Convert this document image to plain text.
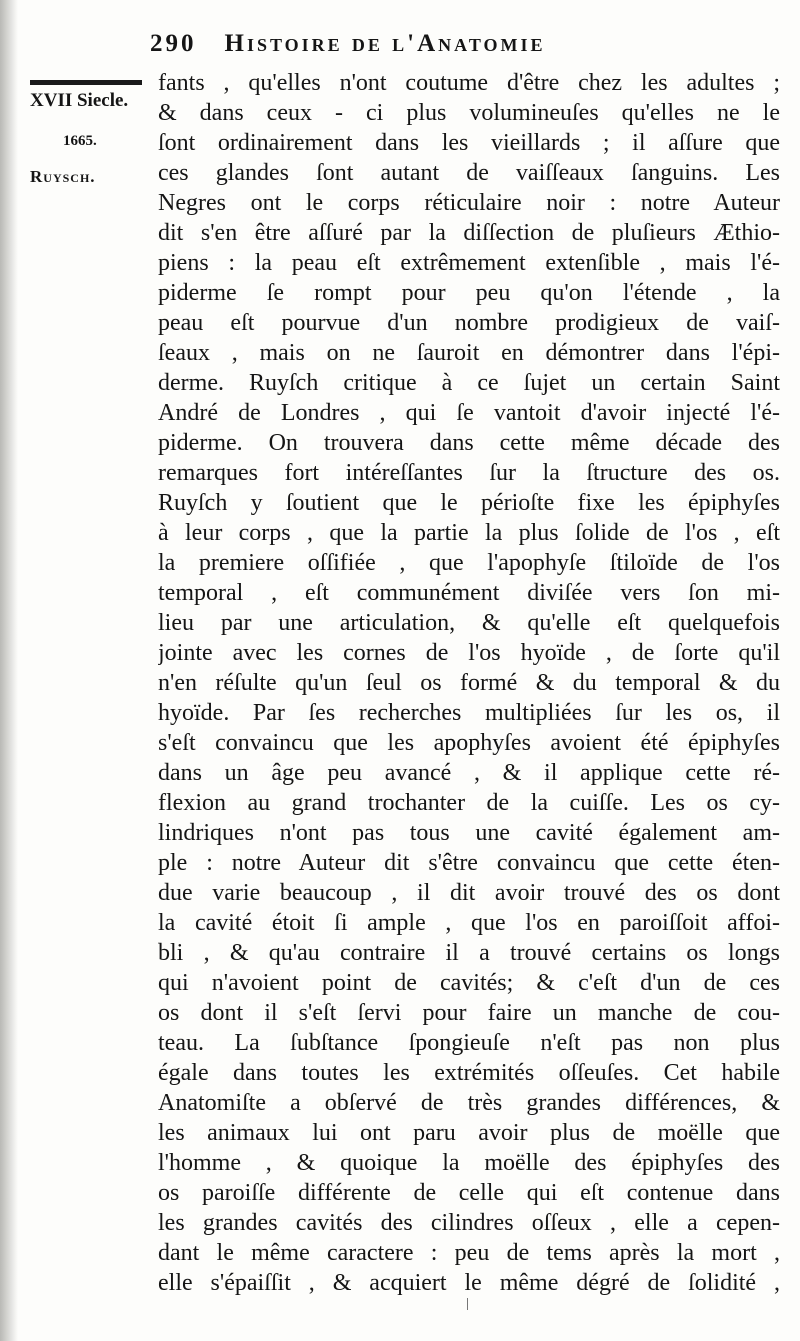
290 Histoire de l'Anatomie
XVII Siecle.
1665.
Ruysch.
fants , qu'elles n'ont coutume d'être chez les adultes ;
& dans ceux - ci plus volumineuſes qu'elles ne le
ſont ordinairement dans les vieillards ; il aſſure que
ces glandes ſont autant de vaiſſeaux ſanguins. Les
Negres ont le corps réticulaire noir : notre Auteur
dit s'en être aſſuré par la diſſection de pluſieurs Æthio-
piens : la peau eſt extrêmement extenſible , mais l'é-
piderme ſe rompt pour peu qu'on l'étende , la
peau eſt pourvue d'un nombre prodigieux de vaiſ-
ſeaux , mais on ne ſauroit en démontrer dans l'épi-
derme. Ruyſch critique à ce ſujet un certain Saint
André de Londres , qui ſe vantoit d'avoir injecté l'é-
piderme. On trouvera dans cette même décade des
remarques fort intéreſſantes ſur la ſtructure des os.
Ruyſch y ſoutient que le périoſte fixe les épiphyſes
à leur corps , que la partie la plus ſolide de l'os , eſt
la premiere oſſifiée , que l'apophyſe ſtiloïde de l'os
temporal , eſt communément diviſée vers ſon mi-
lieu par une articulation, & qu'elle eſt quelquefois
jointe avec les cornes de l'os hyoïde , de ſorte qu'il
n'en réſulte qu'un ſeul os formé & du temporal & du
hyoïde. Par ſes recherches multipliées ſur les os, il
s'eſt convaincu que les apophyſes avoient été épiphyſes
dans un âge peu avancé , & il applique cette ré-
flexion au grand trochanter de la cuiſſe. Les os cy-
lindriques n'ont pas tous une cavité également am-
ple : notre Auteur dit s'être convaincu que cette éten-
due varie beaucoup , il dit avoir trouvé des os dont
la cavité étoit ſi ample , que l'os en paroiſſoit affoi-
bli , & qu'au contraire il a trouvé certains os longs
qui n'avoient point de cavités; & c'eſt d'un de ces
os dont il s'eſt ſervi pour faire un manche de cou-
teau. La ſubſtance ſpongieuſe n'eſt pas non plus
égale dans toutes les extrémités oſſeuſes. Cet habile
Anatomiſte a obſervé de très grandes différences, &
les animaux lui ont paru avoir plus de moëlle que
l'homme , & quoique la moëlle des épiphyſes des
os paroiſſe différente de celle qui eſt contenue dans
les grandes cavités des cilindres oſſeux , elle a cepen-
dant le même caractere : peu de tems après la mort ,
elle s'épaiſſit , & acquiert le même dégré de ſolidité ,
